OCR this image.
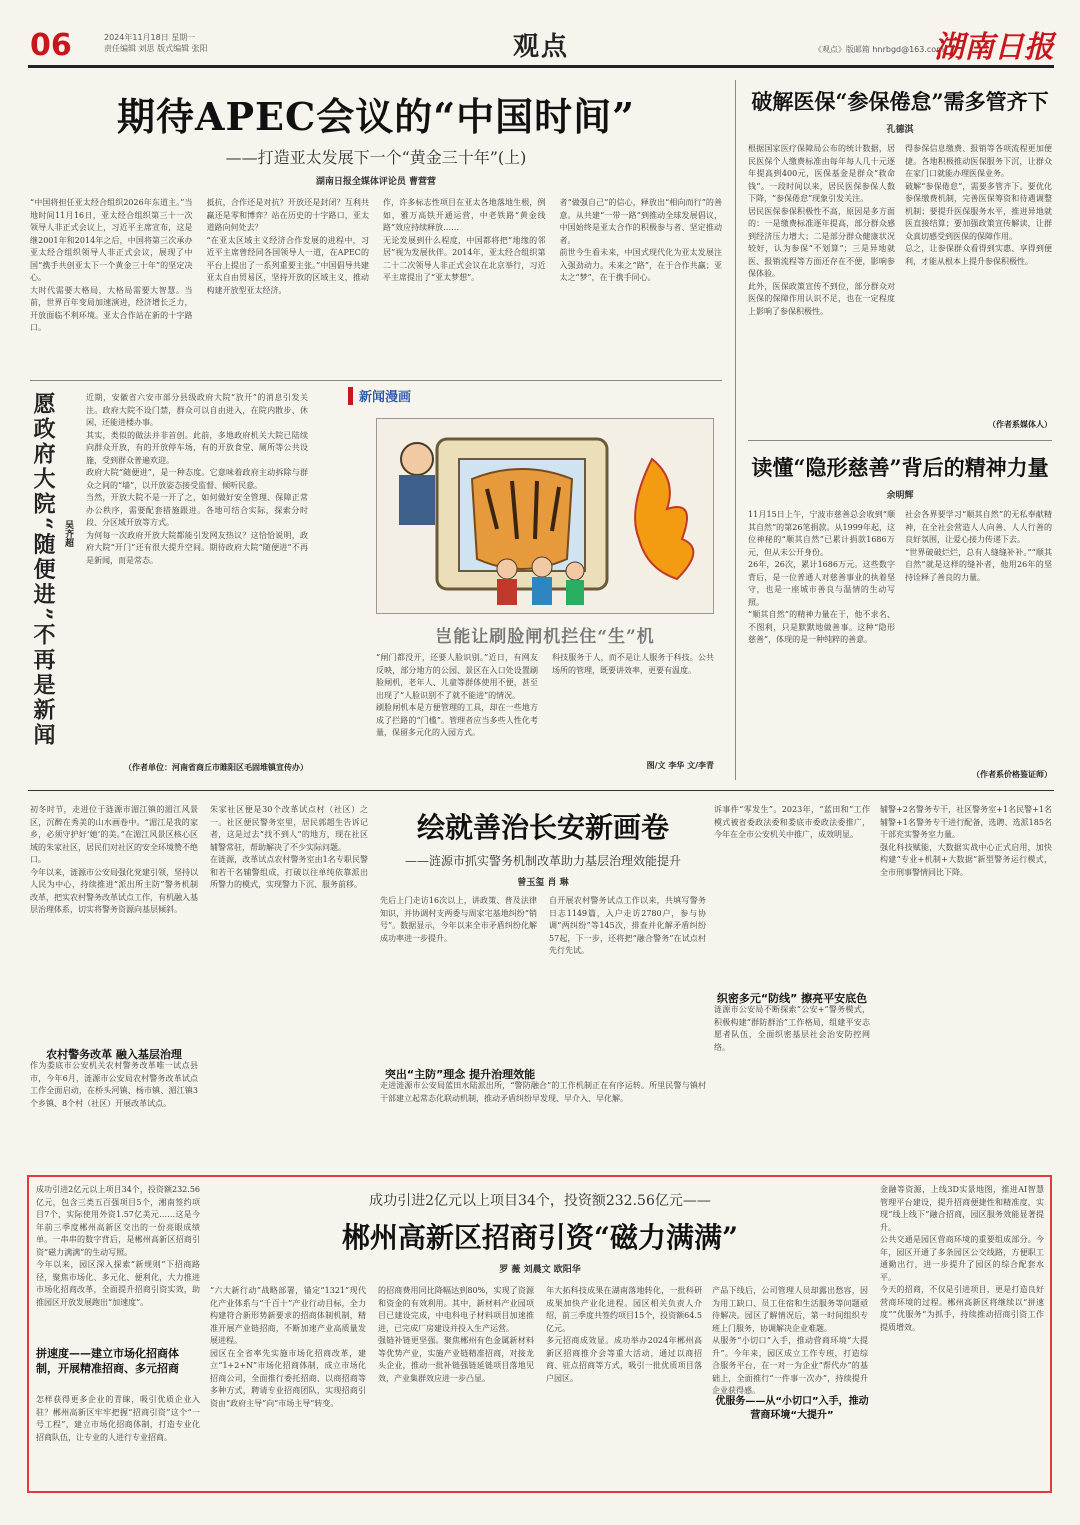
06	2024年11月18日 星期一
责任编辑 刘思 版式编辑 张阳	观点	《观点》版邮箱 hnrbgd@163.com
湖南日报
期待APEC会议的“中国时间”
——打造亚太发展下一个“黄金三十年”(上)
湖南日报全媒体评论员 曹营营

“中国将担任亚太经合组织2026年东道主。”当地时间11月16日，亚太经合组织第三十一次领导人非正式会议上，习近平主席宣布，这是继2001年和2014年之后，中国将第三次承办亚太经合组织领导人非正式会议，展现了中国“携手共创亚太下一个黄金三十年”的坚定决心。

大时代需要大格局，大格局需要大智慧。当前，世界百年变局加速演进，经济增长乏力，开放面临不利环境。亚太合作站在新的十字路口。

抵抗，合作还是对抗？开放还是封闭？互利共赢还是零和博弈？站在历史的十字路口，亚太道路向何处去？

“在亚太区域主义经济合作发展的进程中，习近平主席曾经同各国领导人一道，在APEC的平台上提出了一系列重要主张。”中国倡导共建亚太自由贸易区，坚持开放的区域主义，推动构建开放型亚太经济。

作，许多标志性项目在亚太各地落地生根，例如，雅万高铁开通运营，中老铁路“黄金线路”效应持续释放……

无论发展到什么程度，中国都将把“地缘的邻居”视为发展伙伴。2014年，亚太经合组织第二十二次领导人非正式会议在北京举行，习近平主席提出了“亚太梦想”。

者“做强自己”的信心，释放出“相向而行”的善意。从共建“一带一路”到推动全球发展倡议，中国始终是亚太合作的积极参与者、坚定推动者。

前世今生看未来，中国式现代化为亚太发展注入强劲动力。未来之“路”，在于合作共赢；亚太之“梦”，在于携手同心。

愿政府大院“随便进”不再是新闻 吴齐超

近期，安徽省六安市部分县级政府大院“放开”的消息引发关注。政府大院不设门禁，群众可以自由进入，在院内散步、休闲，还能进楼办事。

其实，类似的做法并非首创。此前，多地政府机关大院已陆续向群众开放，有的开放停车场，有的开放食堂、厕所等公共设施，受到群众普遍欢迎。

政府大院“随便进”，是一种态度。它意味着政府主动拆除与群众之间的“墙”，以开放姿态接受监督、倾听民意。

当然，开放大院不是一开了之，如何做好安全管理、保障正常办公秩序，需要配套措施跟进。各地可结合实际，探索分时段、分区域开放等方式。

为何每一次政府开放大院都能引发网友热议？这恰恰说明，政府大院“开门”还有很大提升空间。期待政府大院“随便进”不再是新闻，而是常态。

（作者单位：河南省商丘市睢阳区毛固堆镇宣传办）
新闻漫画
岂能让刷脸闸机拦住“生”机

“闸门都没开，还要人脸识别。”近日，有网友反映，部分地方的公园、景区在入口处设置刷脸闸机，老年人、儿童等群体使用不便，甚至出现了“人脸识别不了就不能进”的情况。

刷脸闸机本是方便管理的工具，却在一些地方成了拦路的“门槛”。管理者应当多些人性化考量，保留多元化的入园方式。

科技服务于人，而不是让人服务于科技。公共场所的管理，既要讲效率，更要有温度。

图/文 李华 文/李青
破解医保“参保倦怠”需多管齐下
孔德淇

根据国家医疗保障局公布的统计数据，居民医保个人缴费标准由每年每人几十元逐年提高到400元，医保基金是群众“救命钱”。一段时间以来，居民医保参保人数下降，“参保倦怠”现象引发关注。

居民医保参保积极性不高，原因是多方面的：一是缴费标准逐年提高，部分群众感到经济压力增大；二是部分群众健康状况较好，认为参保“不划算”；三是异地就医、报销流程等方面还存在不便，影响参保体验。

此外，医保政策宣传不到位，部分群众对医保的保障作用认识不足，也在一定程度上影响了参保积极性。

得参保信息缴费、报销等各项流程更加便捷。各地积极推动医保服务下沉，让群众在家门口就能办理医保业务。

破解“参保倦怠”，需要多管齐下。要优化参保缴费机制，完善医保筹资和待遇调整机制；要提升医保服务水平，推进异地就医直接结算；要加强政策宣传解读，让群众真切感受到医保的保障作用。

总之，让参保群众看得到实惠、享得到便利，才能从根本上提升参保积极性。

（作者系媒体人）
读懂“隐形慈善”背后的精神力量
余明辉

11月15日上午，宁波市慈善总会收到“顺其自然”的第26笔捐款。从1999年起，这位神秘的“顺其自然”已累计捐款1686万元，但从未公开身份。

26年，26次，累计1686万元。这些数字背后，是一位普通人对慈善事业的执着坚守，也是一座城市善良与温情的生动写照。

“顺其自然”的精神力量在于，他不求名、不图利，只是默默地做善事。这种“隐形慈善”，体现的是一种纯粹的善意。

社会各界要学习“顺其自然”的无私奉献精神，在全社会营造人人向善、人人行善的良好氛围，让爱心接力传递下去。

“世界破破烂烂，总有人缝缝补补。”“顺其自然”就是这样的缝补者，他用26年的坚持诠释了善良的力量。

（作者系价格鉴证师）

初冬时节，走进位于涟源市湄江镇的湄江风景区，沉醉在秀美的山水画卷中。“湄江是我的家乡，必须守护好‘她’的美。”在湄江风景区核心区域的朱家社区，居民们对社区的安全环境赞不绝口。

今年以来，涟源市公安局强化党建引领，坚持以人民为中心，持续推进“派出所主防”警务机制改革，把实农村警务改革试点工作，有机融入基层治理体系，切实将警务资源向基层倾斜。

农村警务改革 融入基层治理

作为娄底市公安机关农村警务改革唯一试点县市，今年6月，涟源市公安局农村警务改革试点工作全面启动，在桥头河镇、杨市镇、湄江镇3个乡镇、8个村（社区）开展改革试点。

朱家社区便是30个改革试点村（社区）之一。社区便民警务室里，居民郭超生告诉记者，这是过去“找不到人”的地方，现在社区辅警常驻，帮助解决了不少实际问题。

在涟源，改革试点农村警务室由1名专职民警和若干名辅警组成，打破以往单纯依靠派出所警力的模式，实现警力下沉、服务前移。

绘就善治长安新画卷
——涟源市抓实警务机制改革助力基层治理效能提升
曾玉玺 肖 琳

先后上门走访16次以上，讲政策、普及法律知识，并协调村支两委与周家宅基地纠纷“销号”。数据显示，今年以来全市矛盾纠纷化解成功率进一步提升。

自开展农村警务试点工作以来，共填写警务日志1149篇，入户走访2780户，参与协调“两纠纷”等145次，排查并化解矛盾纠纷57起，下一步，还将把“融合警务”在试点村先行先试。

突出“主防”理念 提升治理效能

走进涟源市公安局蓝田水陆派出所，“警防融合”的工作机制正在有序运转。所里民警与镇村干部建立起常态化联动机制，推动矛盾纠纷早发现、早介入、早化解。

诉事件“零发生”。2023年，“蓝田和”工作模式被省委政法委和娄底市委政法委推广，今年在全市公安机关中推广，成效明显。

织密多元“防线” 擦亮平安底色

涟源市公安局不断探索“公安+”警务模式，积极构建“群防群治”工作格局，组建平安志愿者队伍，全面织密基层社会治安防控网络。

辅警+2名警务专干，社区警务室+1名民警+1名辅警+1名警务专干进行配备，选聘、选派185名干部充实警务室力量。

强化科技赋能，大数据实战中心正式启用，加快构建“专业+机制+大数据”新型警务运行模式，全市刑事警情同比下降。

成功引进2亿元以上项目34个，投资额232.56亿元，包含三类五百强项目5个，湘南签约项目7个，实际使用外资1.57亿美元……这是今年前三季度郴州高新区交出的一份亮眼成绩单。一串串的数字背后，是郴州高新区招商引资“磁力满满”的生动写照。

今年以来，园区深入探索“新规则”下招商路径，聚焦市场化、多元化、便利化，大力推进市场化招商改革，全面提升招商引资实效，助推园区开放发展跑出“加速度”。

拼速度——建立市场化招商体制，开展精准招商、多元招商

怎样获得更多企业的青睐，吸引优质企业入驻？郴州高新区牢牢把握“招商引资”这个“一号工程”，建立市场化招商体制，打造专业化招商队伍，让专业的人进行专业招商。

成功引进2亿元以上项目34个，投资额232.56亿元——
郴州高新区招商引资“磁力满满”
罗 薇 刘晨文 欧阳华

“六大新行动”战略部署，锚定“1321”现代化产业体系与“千百十”产业行动目标，全力构建符合新形势新要求的招商体制机制，精准开展产业链招商，不断加速产业高质量发展进程。

园区在全省率先实施市场化招商改革，建立“1+2+N”市场化招商体制，成立市场化招商公司，全面推行委托招商、以商招商等多种方式，聘请专业招商团队，实现招商引资由“政府主导”向“市场主导”转变。

的招商费用同比降幅达到80%，实现了资源和资金的有效利用。其中，新材料产业园项目已建设完成，中电科电子材料项目加速推进，已完成厂房建设并投入生产运营。

强链补链更坚强。聚焦郴州有色金属新材料等优势产业，实施产业链精准招商，对接龙头企业，推动一批补链强链延链项目落地见效，产业集群效应进一步凸显。

年大拓科技成果在湖南落地转化，一批科研成果加快产业化进程。园区相关负责人介绍，前三季度共签约项目15个，投资额64.5亿元。

多元招商成效显。成功举办2024年郴州高新区招商推介会等重大活动，通过以商招商、驻点招商等方式，吸引一批优质项目落户园区。

优服务——从“小切口”入手，推动营商环境“大提升”

产品下线后，公司管理人员却露出愁容，因为用工缺口、员工住宿和生活服务等问题亟待解决。园区了解情况后，第一时间组织专班上门服务，协调解决企业难题。

从服务“小切口”入手，推动营商环境“大提升”。今年来，园区成立工作专班，打造综合服务平台，在一对一为企业“帮代办”的基础上，全面推行“一件事一次办”，持续提升企业获得感。

金融等资源，上线3D实景地图，推进AI智慧管理平台建设，提升招商便捷性和精准度，实现“线上线下”融合招商，园区服务效能显著提升。

公共交通是园区营商环境的重要组成部分。今年，园区开通了多条园区公交线路，方便职工通勤出行，进一步提升了园区的综合配套水平。

今天的招商，不仅是引进项目，更是打造良好营商环境的过程。郴州高新区将继续以“拼速度”“优服务”为抓手，持续推动招商引资工作提质增效。
